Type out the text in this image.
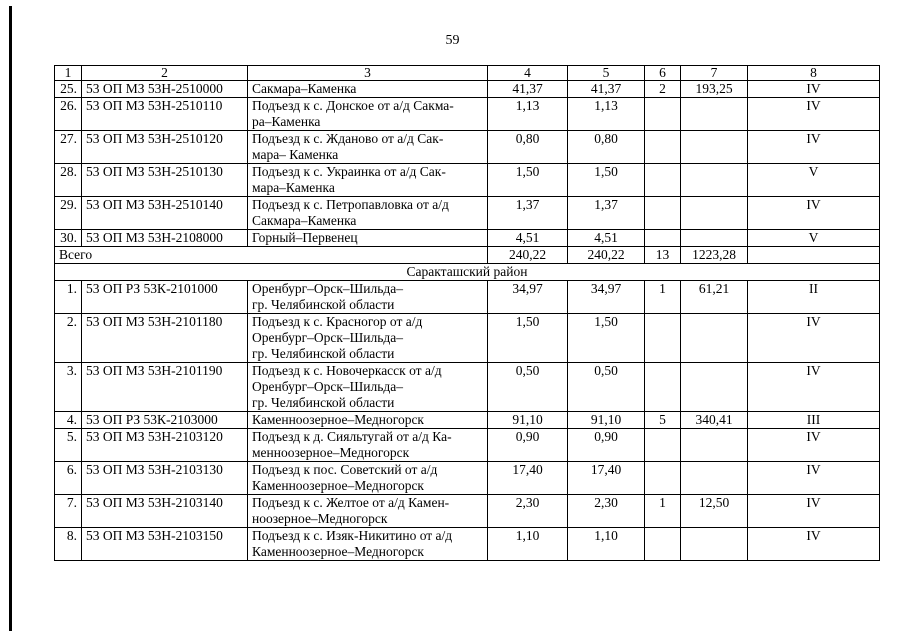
59
1	2	3	4	5	6	7	8
25.	53 ОП МЗ 53Н-2510000	Сакмара–Каменка	41,37	41,37	2	193,25	IV
26.	53 ОП МЗ 53Н-2510110	Подъезд к с. Донское от а/д Сакма-
ра–Каменка	1,13	1,13			IV
27.	53 ОП МЗ 53Н-2510120	Подъезд к с. Жданово от а/д Сак-
мара– Каменка	0,80	0,80			IV
28.	53 ОП МЗ 53Н-2510130	Подъезд к с. Украинка от а/д Сак-
мара–Каменка	1,50	1,50			V
29.	53 ОП МЗ 53Н-2510140	Подъезд к с. Петропавловка от а/д
Сакмара–Каменка	1,37	1,37			IV
30.	53 ОП МЗ 53Н-2108000	Горный–Первенец	4,51	4,51			V
Всего			240,22	240,22	13	1223,28	
Саракташский район							
1.	53 ОП РЗ 53К-2101000	Оренбург–Орск–Шильда–
гр. Челябинской области	34,97	34,97	1	61,21	II
2.	53 ОП МЗ 53Н-2101180	Подъезд к с. Красногор от а/д
Оренбург–Орск–Шильда–
гр. Челябинской области	1,50	1,50			IV
3.	53 ОП МЗ 53Н-2101190	Подъезд к с. Новочеркасск от а/д
Оренбург–Орск–Шильда–
гр. Челябинской области	0,50	0,50			IV
4.	53 ОП РЗ 53К-2103000	Каменноозерное–Медногорск	91,10	91,10	5	340,41	III
5.	53 ОП МЗ 53Н-2103120	Подъезд к д. Сияльтугай от а/д Ка-
менноозерное–Медногорск	0,90	0,90			IV
6.	53 ОП МЗ 53Н-2103130	Подъезд к пос. Советский от а/д
Каменноозерное–Медногорск	17,40	17,40			IV
7.	53 ОП МЗ 53Н-2103140	Подъезд к с. Желтое от а/д Камен-
ноозерное–Медногорск	2,30	2,30	1	12,50	IV
8.	53 ОП МЗ 53Н-2103150	Подъезд к с. Изяк-Никитино от а/д
Каменноозерное–Медногорск	1,10	1,10			IV
